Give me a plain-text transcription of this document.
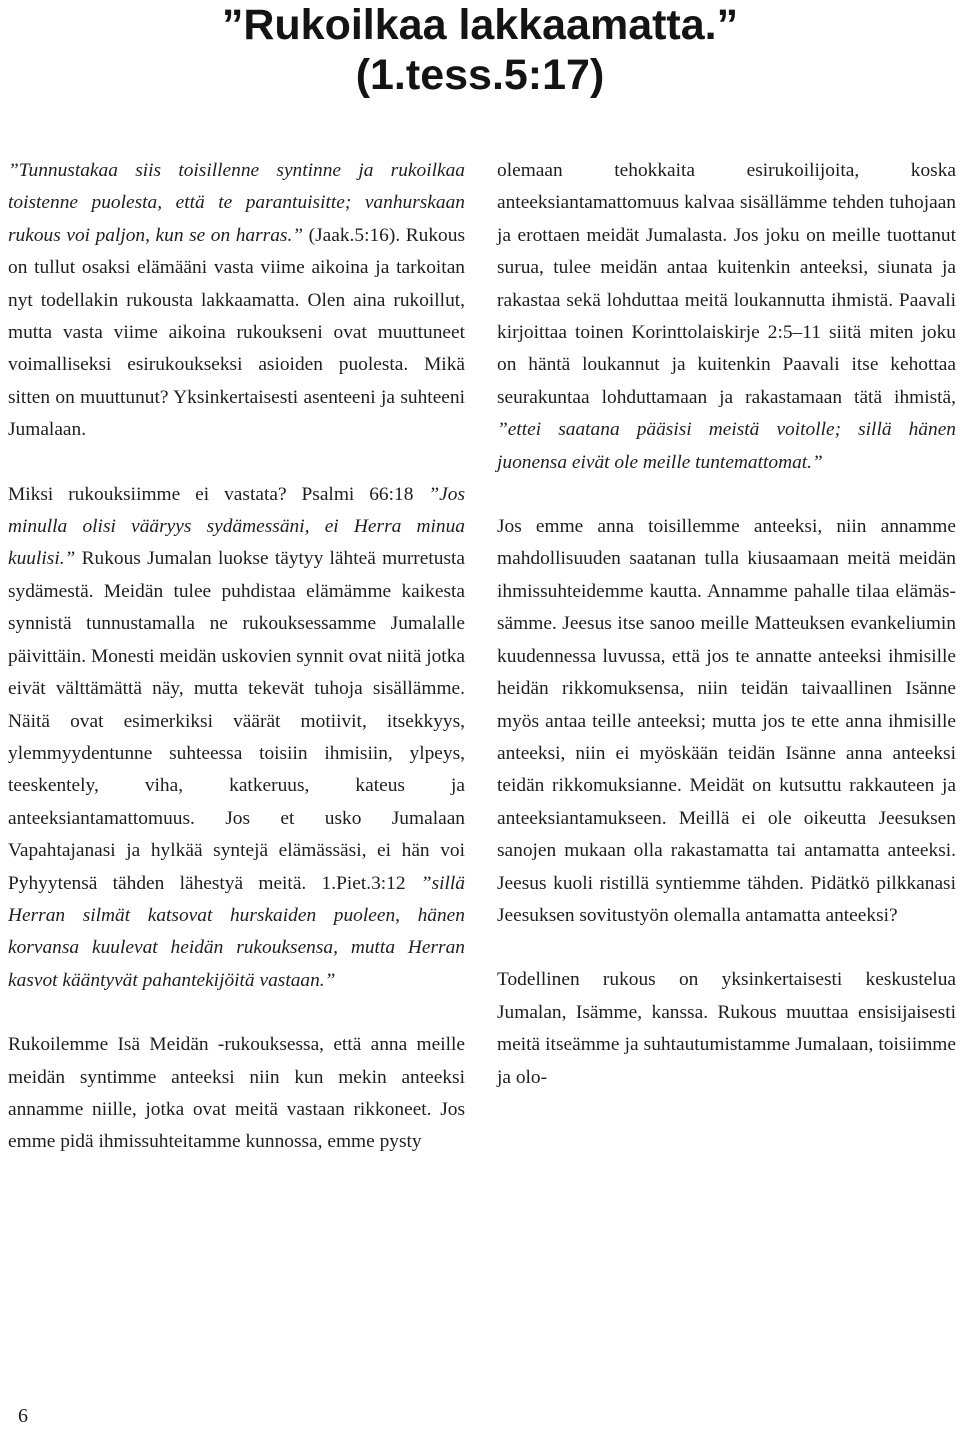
”Rukoilkaa lakkaamatta.”
(1.tess.5:17)

”Tunnustakaa siis toisillenne syntinne ja rukoilkaa toistenne puolesta, että te parantuisitte; vanhurskaan rukous voi paljon, kun se on harras.” (Jaak.5:16). Rukous on tullut osaksi elämääni vasta viime aikoina ja tarkoitan nyt todellakin rukousta lakkaamatta. Olen aina rukoillut, mutta vasta viime aikoina rukoukseni ovat muuttuneet voimalliseksi esirukoukseksi asioiden puolesta. Mikä sitten on muuttunut? Yksinkertaisesti asenteeni ja suhteeni Jumalaan.

Miksi rukouksiimme ei vastata? Psalmi 66:18 ”Jos minulla olisi vääryys sydämessäni, ei Herra minua kuulisi.” Rukous Jumalan luokse täytyy lähteä murretusta sydämestä. Meidän tulee puhdistaa elämämme kaikesta synnistä tunnustamalla ne rukouksessamme Jumalalle päivittäin. Monesti meidän uskovien synnit ovat niitä jotka eivät välttämättä näy, mutta tekevät tuhoja sisällämme. Näitä ovat esimerkiksi väärät motiivit, itsekkyys, ylemmyydentunne suhteessa toisiin ihmisiin, ylpeys, teeskentely, viha, katkeruus, kateus ja anteeksiantamattomuus. Jos et usko Jumalaan Vapahtajanasi ja hylkää syntejä elämässäsi, ei hän voi Pyhyytensä tähden lähestyä meitä. 1.Piet.3:12 ”sillä Herran silmät katsovat hurskaiden puoleen, hänen korvansa kuulevat heidän rukouksensa, mutta Herran kasvot kääntyvät pahantekijöitä vastaan.”

Rukoilemme Isä Meidän -rukouksessa, että anna meille meidän syntimme anteeksi niin kun mekin anteeksi annamme niille, jotka ovat meitä vastaan rikkoneet. Jos emme pidä ihmissuhteitamme kunnossa, emme pysty

olemaan tehokkaita esirukoilijoita, koska anteeksiantamattomuus kalvaa sisällämme tehden tuhojaan ja erottaen meidät Jumalasta. Jos joku on meille tuottanut surua, tulee meidän antaa kuitenkin anteeksi, siunata ja rakastaa sekä lohduttaa meitä loukannutta ihmistä. Paavali kirjoittaa toinen Korinttolaiskirje 2:5–11 siitä miten joku on häntä loukannut ja kuitenkin Paavali itse kehottaa seurakuntaa lohduttamaan ja rakastamaan tätä ihmistä, ”ettei saatana pääsisi meistä voitolle; sillä hänen juonensa eivät ole meille tuntemattomat.”

Jos emme anna toisillemme anteeksi, niin annamme mahdollisuuden saatanan tulla kiusaamaan meitä meidän ihmissuhteidemme kautta. Annamme pahalle tilaa elämässämme. Jeesus itse sanoo meille Matteuksen evankeliumin kuudennessa luvussa, että jos te annatte anteeksi ihmisille heidän rikkomuksensa, niin teidän taivaallinen Isänne myös antaa teille anteeksi; mutta jos te ette anna ihmisille anteeksi, niin ei myöskään teidän Isänne anna anteeksi teidän rikkomuksianne. Meidät on kutsuttu rakkauteen ja anteeksiantamukseen. Meillä ei ole oikeutta Jeesuksen sanojen mukaan olla rakastamatta tai antamatta anteeksi. Jeesus kuoli ristillä syntiemme tähden. Pidätkö pilkkanasi Jeesuksen sovitustyön olemalla antamatta anteeksi?

Todellinen rukous on yksinkertaisesti keskustelua Jumalan, Isämme, kanssa. Rukous muuttaa ensisijaisesti meitä itseämme ja suhtautumistamme Jumalaan, toisiimme ja olo-

6
